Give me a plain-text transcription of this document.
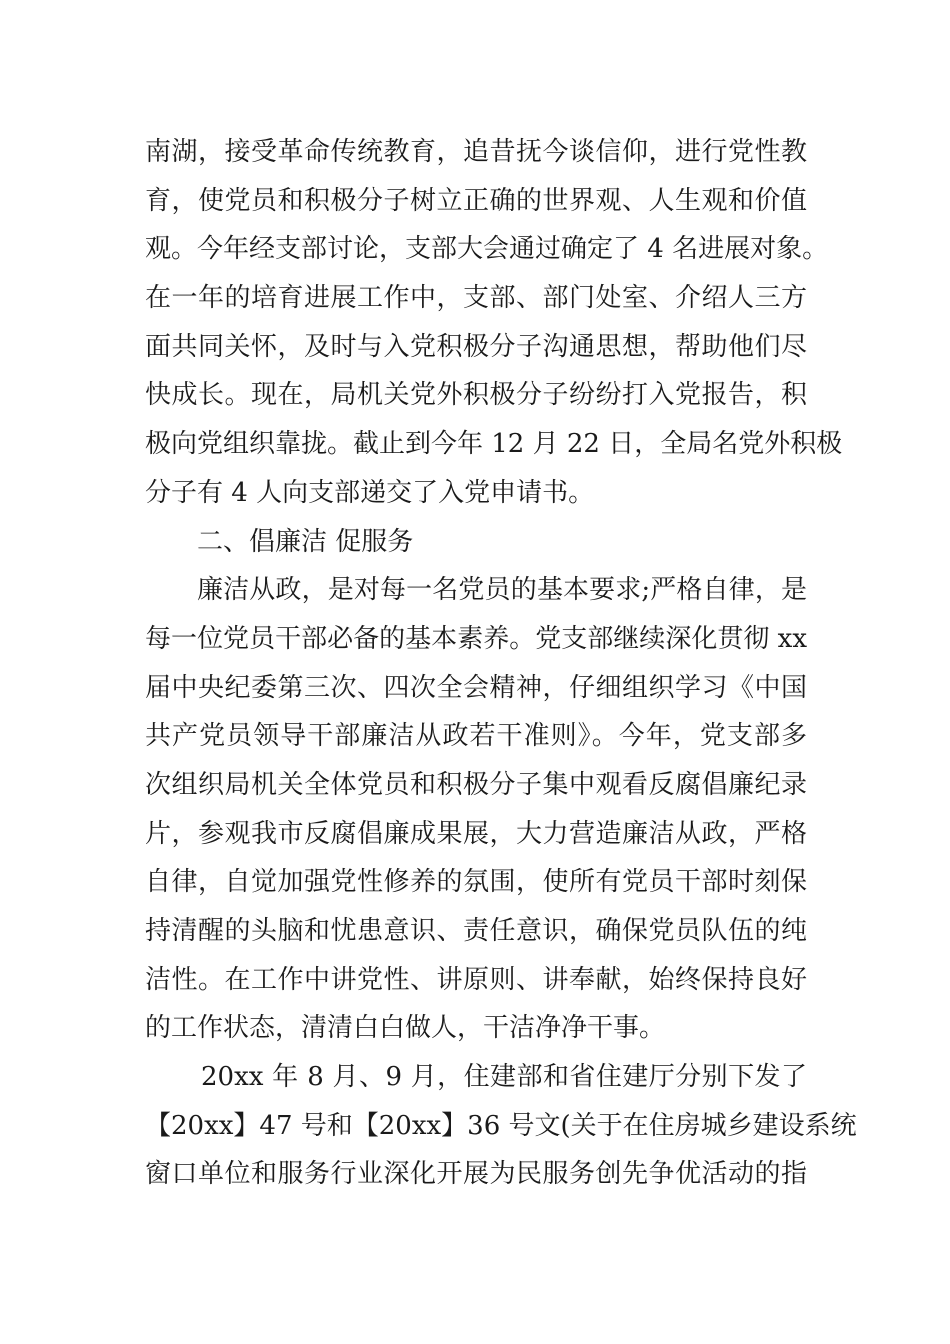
南湖，接受革命传统教育，追昔抚今谈信仰，进行党性教
育，使党员和积极分子树立正确的世界观、人生观和价值
观。今年经支部讨论，支部大会通过确定了 4 名进展对象。
在一年的培育进展工作中，支部、部门处室、介绍人三方
面共同关怀，及时与入党积极分子沟通思想，帮助他们尽
快成长。现在，局机关党外积极分子纷纷打入党报告，积
极向党组织靠拢。截止到今年 12 月 22 日，全局名党外积极
分子有 4 人向支部递交了入党申请书。
二、倡廉洁 促服务
廉洁从政，是对每一名党员的基本要求;严格自律，是
每一位党员干部必备的基本素养。党支部继续深化贯彻 xx
届中央纪委第三次、四次全会精神，仔细组织学习《中国
共产党员领导干部廉洁从政若干准则》。今年，党支部多
次组织局机关全体党员和积极分子集中观看反腐倡廉纪录
片，参观我市反腐倡廉成果展，大力营造廉洁从政，严格
自律，自觉加强党性修养的氛围，使所有党员干部时刻保
持清醒的头脑和忧患意识、责任意识，确保党员队伍的纯
洁性。在工作中讲党性、讲原则、讲奉献，始终保持良好
的工作状态，清清白白做人，干洁净净干事。
20xx 年 8 月、9 月，住建部和省住建厅分别下发了
【20xx】47 号和【20xx】36 号文(关于在住房城乡建设系统
窗口单位和服务行业深化开展为民服务创先争优活动的指
